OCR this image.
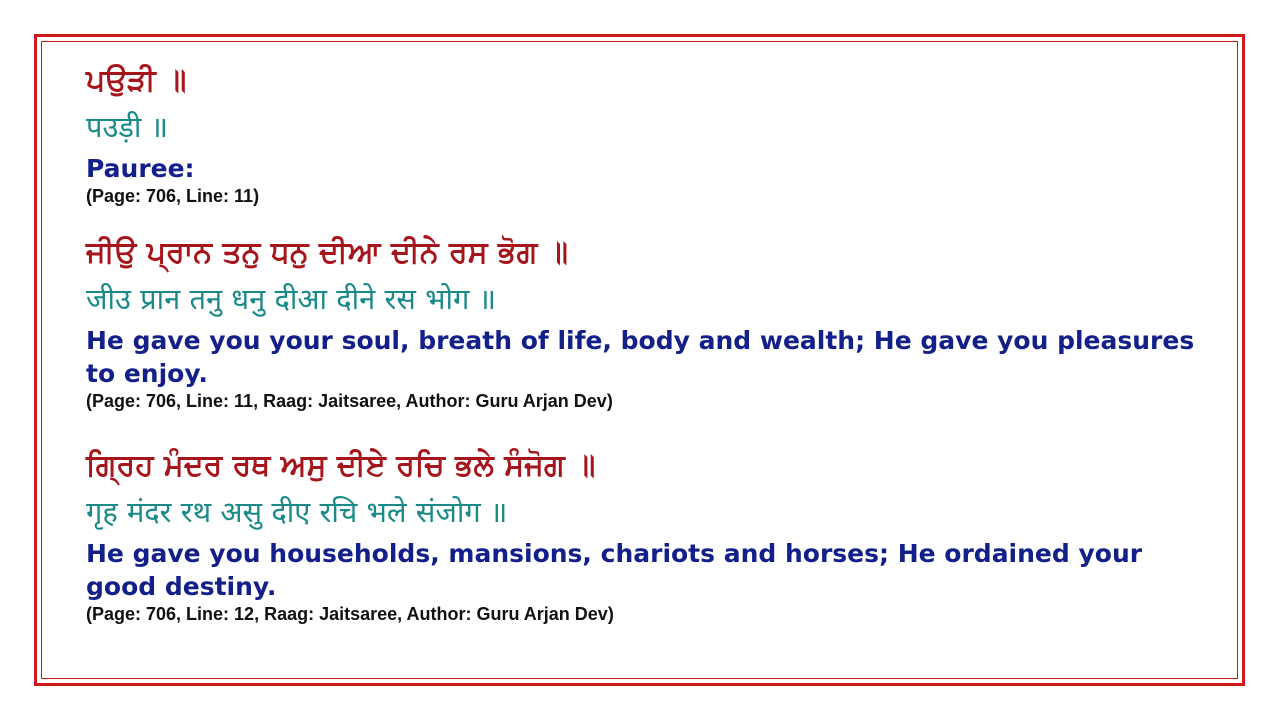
ਪਉੜੀ ॥
पउड़ी ॥
Pauree:
(Page: 706, Line: 11)
ਜੀਉ ਪ੍ਰਾਨ ਤਨੁ ਧਨੁ ਦੀਆ ਦੀਨੇ ਰਸ ਭੋਗ ॥
जीउ प्रान तनु धनु दीआ दीने रस भोग ॥
He gave you your soul, breath of life, body and wealth; He gave you pleasures to enjoy.
(Page: 706, Line: 11, Raag: Jaitsaree, Author: Guru Arjan Dev)
ਗ੍ਰਿਹ ਮੰਦਰ ਰਥ ਅਸੁ ਦੀਏ ਰਚਿ ਭਲੇ ਸੰਜੋਗ ॥
गृह मंदर रथ असु दीए रचि भले संजोग ॥
He gave you households, mansions, chariots and horses; He ordained your good destiny.
(Page: 706, Line: 12, Raag: Jaitsaree, Author: Guru Arjan Dev)
